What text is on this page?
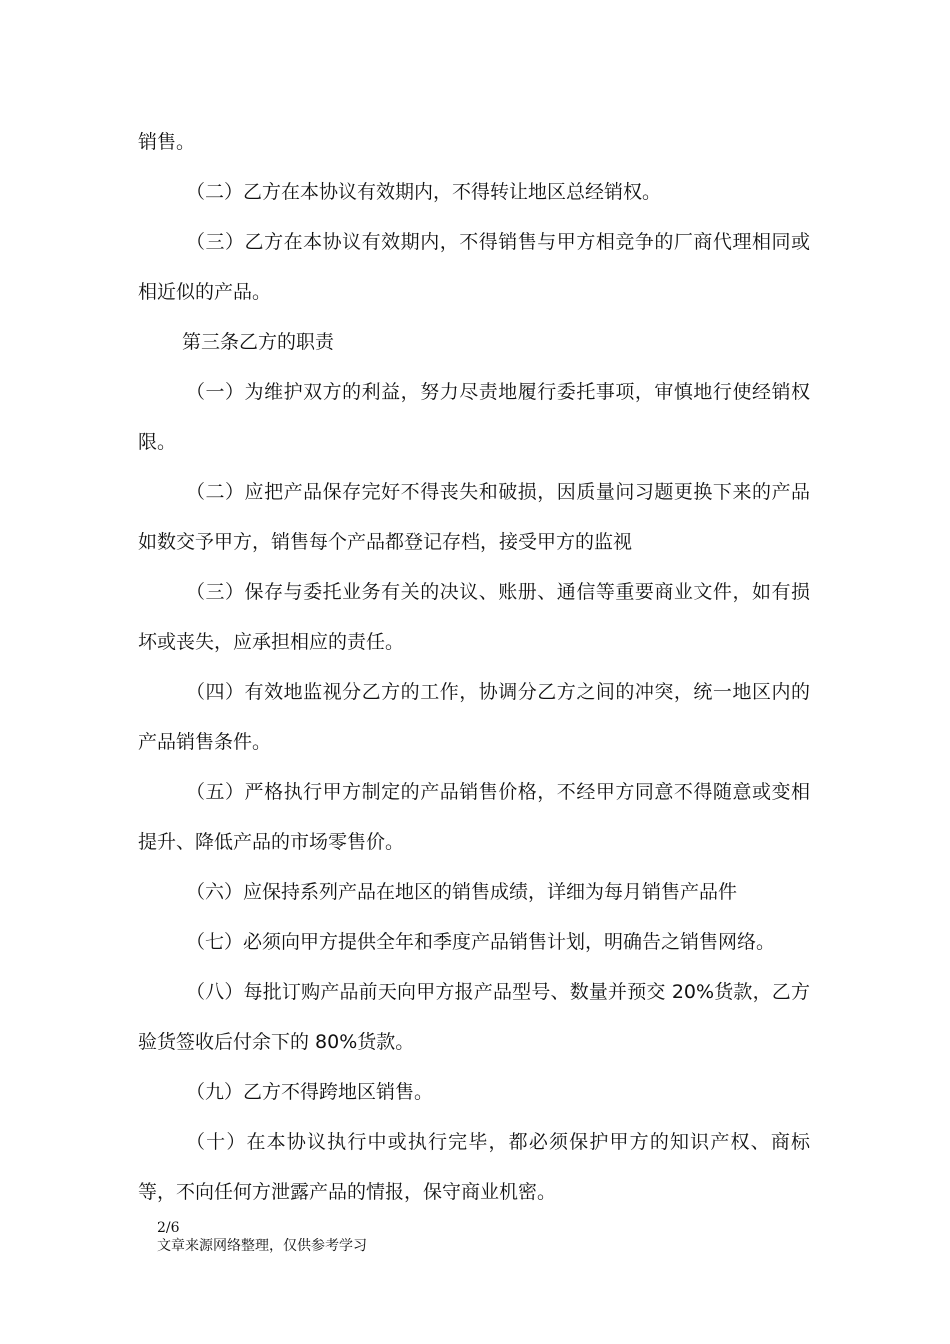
销售。

（二）乙方在本协议有效期内，不得转让地区总经销权。

（三）乙方在本协议有效期内，不得销售与甲方相竞争的厂商代理相同或相近似的产品。

第三条乙方的职责

（一）为维护双方的利益，努力尽责地履行委托事项，审慎地行使经销权限。

（二）应把产品保存完好不得丧失和破损，因质量问习题更换下来的产品如数交予甲方，销售每个产品都登记存档，接受甲方的监视

（三）保存与委托业务有关的决议、账册、通信等重要商业文件，如有损坏或丧失，应承担相应的责任。

（四）有效地监视分乙方的工作，协调分乙方之间的冲突，统一地区内的产品销售条件。

（五）严格执行甲方制定的产品销售价格，不经甲方同意不得随意或变相提升、降低产品的市场零售价。

（六）应保持系列产品在地区的销售成绩，详细为每月销售产品件

（七）必须向甲方提供全年和季度产品销售计划，明确告之销售网络。

（八）每批订购产品前天向甲方报产品型号、数量并预交 20%货款，乙方验货签收后付余下的 80%货款。

（九）乙方不得跨地区销售。

（十）在本协议执行中或执行完毕，都必须保护甲方的知识产权、商标等，不向任何方泄露产品的情报，保守商业机密。

2/6
文章来源网络整理，仅供参考学习
